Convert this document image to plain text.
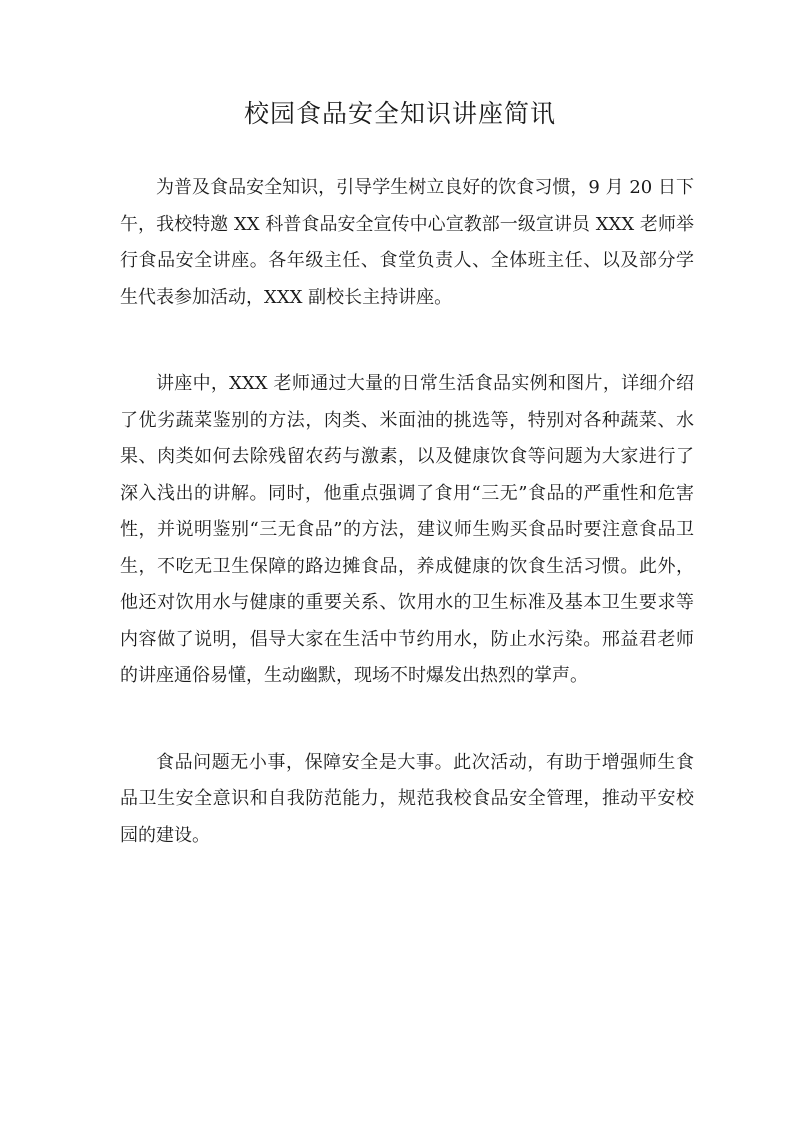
校园食品安全知识讲座简讯

为普及食品安全知识，引导学生树立良好的饮食习惯，9 月 20 日下午，我校特邀 XX 科普食品安全宣传中心宣教部一级宣讲员 XXX 老师举行食品安全讲座。各年级主任、食堂负责人、全体班主任、以及部分学生代表参加活动，XXX 副校长主持讲座。

讲座中，XXX 老师通过大量的日常生活食品实例和图片，详细介绍了优劣蔬菜鉴别的方法，肉类、米面油的挑选等，特别对各种蔬菜、水果、肉类如何去除残留农药与激素，以及健康饮食等问题为大家进行了深入浅出的讲解。同时，他重点强调了食用“三无”食品的严重性和危害性，并说明鉴别“三无食品”的方法，建议师生购买食品时要注意食品卫生，不吃无卫生保障的路边摊食品，养成健康的饮食生活习惯。此外，他还对饮用水与健康的重要关系、饮用水的卫生标准及基本卫生要求等内容做了说明，倡导大家在生活中节约用水，防止水污染。邢益君老师的讲座通俗易懂，生动幽默，现场不时爆发出热烈的掌声。

食品问题无小事，保障安全是大事。此次活动，有助于增强师生食品卫生安全意识和自我防范能力，规范我校食品安全管理，推动平安校园的建设。
